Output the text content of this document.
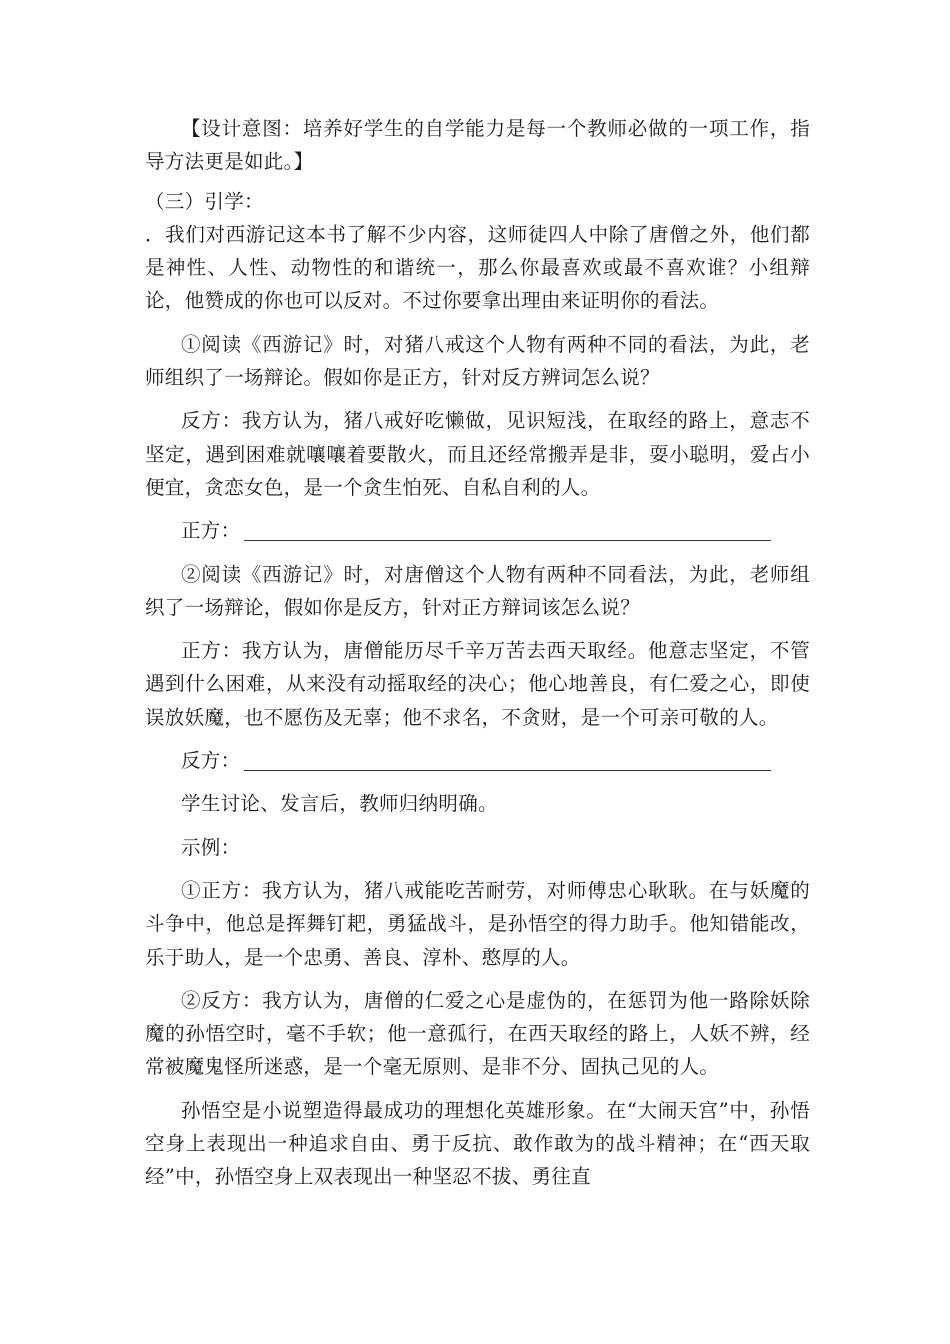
【设计意图：培养好学生的自学能力是每一个教师必做的一项工作，指导方法更是如此。】

（三）引学：

．我们对西游记这本书了解不少内容，这师徒四人中除了唐僧之外，他们都是神性、人性、动物性的和谐统一，那么你最喜欢或最不喜欢谁？小组辩论，他赞成的你也可以反对。不过你要拿出理由来证明你的看法。

①阅读《西游记》时，对猪八戒这个人物有两种不同的看法，为此，老师组织了一场辩论。假如你是正方，针对反方辨词怎么说？

反方：我方认为，猪八戒好吃懒做，见识短浅，在取经的路上，意志不坚定，遇到困难就嚷嚷着要散火，而且还经常搬弄是非，耍小聪明，爱占小便宜，贪恋女色，是一个贪生怕死、自私自利的人。

正方：

②阅读《西游记》时，对唐僧这个人物有两种不同看法，为此，老师组织了一场辩论，假如你是反方，针对正方辩词该怎么说？

正方：我方认为，唐僧能历尽千辛万苦去西天取经。他意志坚定，不管遇到什么困难，从来没有动摇取经的决心；他心地善良，有仁爱之心，即使误放妖魔，也不愿伤及无辜；他不求名，不贪财，是一个可亲可敬的人。

反方：

学生讨论、发言后，教师归纳明确。

示例：

①正方：我方认为，猪八戒能吃苦耐劳，对师傅忠心耿耿。在与妖魔的斗争中，他总是挥舞钉耙，勇猛战斗，是孙悟空的得力助手。他知错能改，乐于助人，是一个忠勇、善良、淳朴、憨厚的人。

②反方：我方认为，唐僧的仁爱之心是虚伪的，在惩罚为他一路除妖除魔的孙悟空时，毫不手软；他一意孤行，在西天取经的路上，人妖不辨，经常被魔鬼怪所迷惑，是一个毫无原则、是非不分、固执己见的人。

孙悟空是小说塑造得最成功的理想化英雄形象。在“大闹天宫”中，孙悟空身上表现出一种追求自由、勇于反抗、敢作敢为的战斗精神；在“西天取经”中，孙悟空身上双表现出一种坚忍不拔、勇往直
